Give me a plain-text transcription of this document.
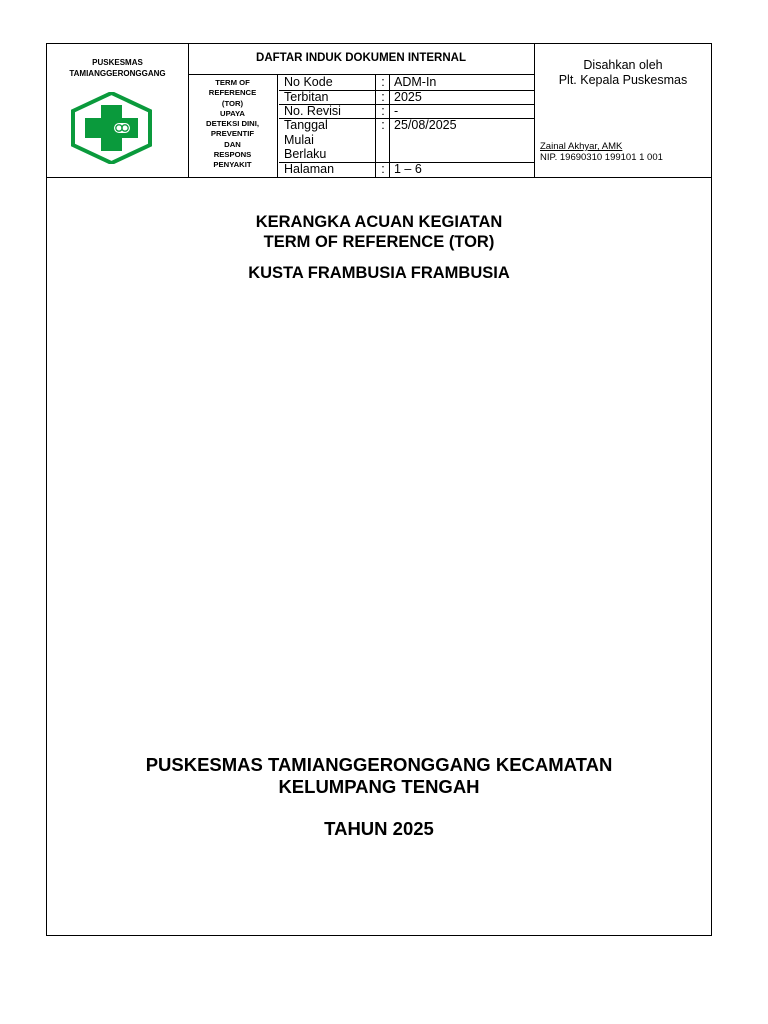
PUSKESMAS
TAMIANGGERONGGANG
DAFTAR INDUK DOKUMEN INTERNAL
TERM OF
REFERENCE
(TOR)
UPAYA
DETEKSI DINI,
PREVENTIF
DAN
RESPONS
PENYAKIT
No Kode	: ADM-In
Terbitan	: 2025
No. Revisi	: -
Tanggal
Mulai
Berlaku
: 25/08/2025
Halaman	: 1 – 6
Disahkan oleh
Plt. Kepala Puskesmas
Zainal Akhyar, AMK
NIP. 19690310 199101 1 001
KERANGKA ACUAN KEGIATAN
TERM OF REFERENCE (TOR)
KUSTA FRAMBUSIA FRAMBUSIA
PUSKESMAS TAMIANGGERONGGANG KECAMATAN
KELUMPANG TENGAH
TAHUN 2025
